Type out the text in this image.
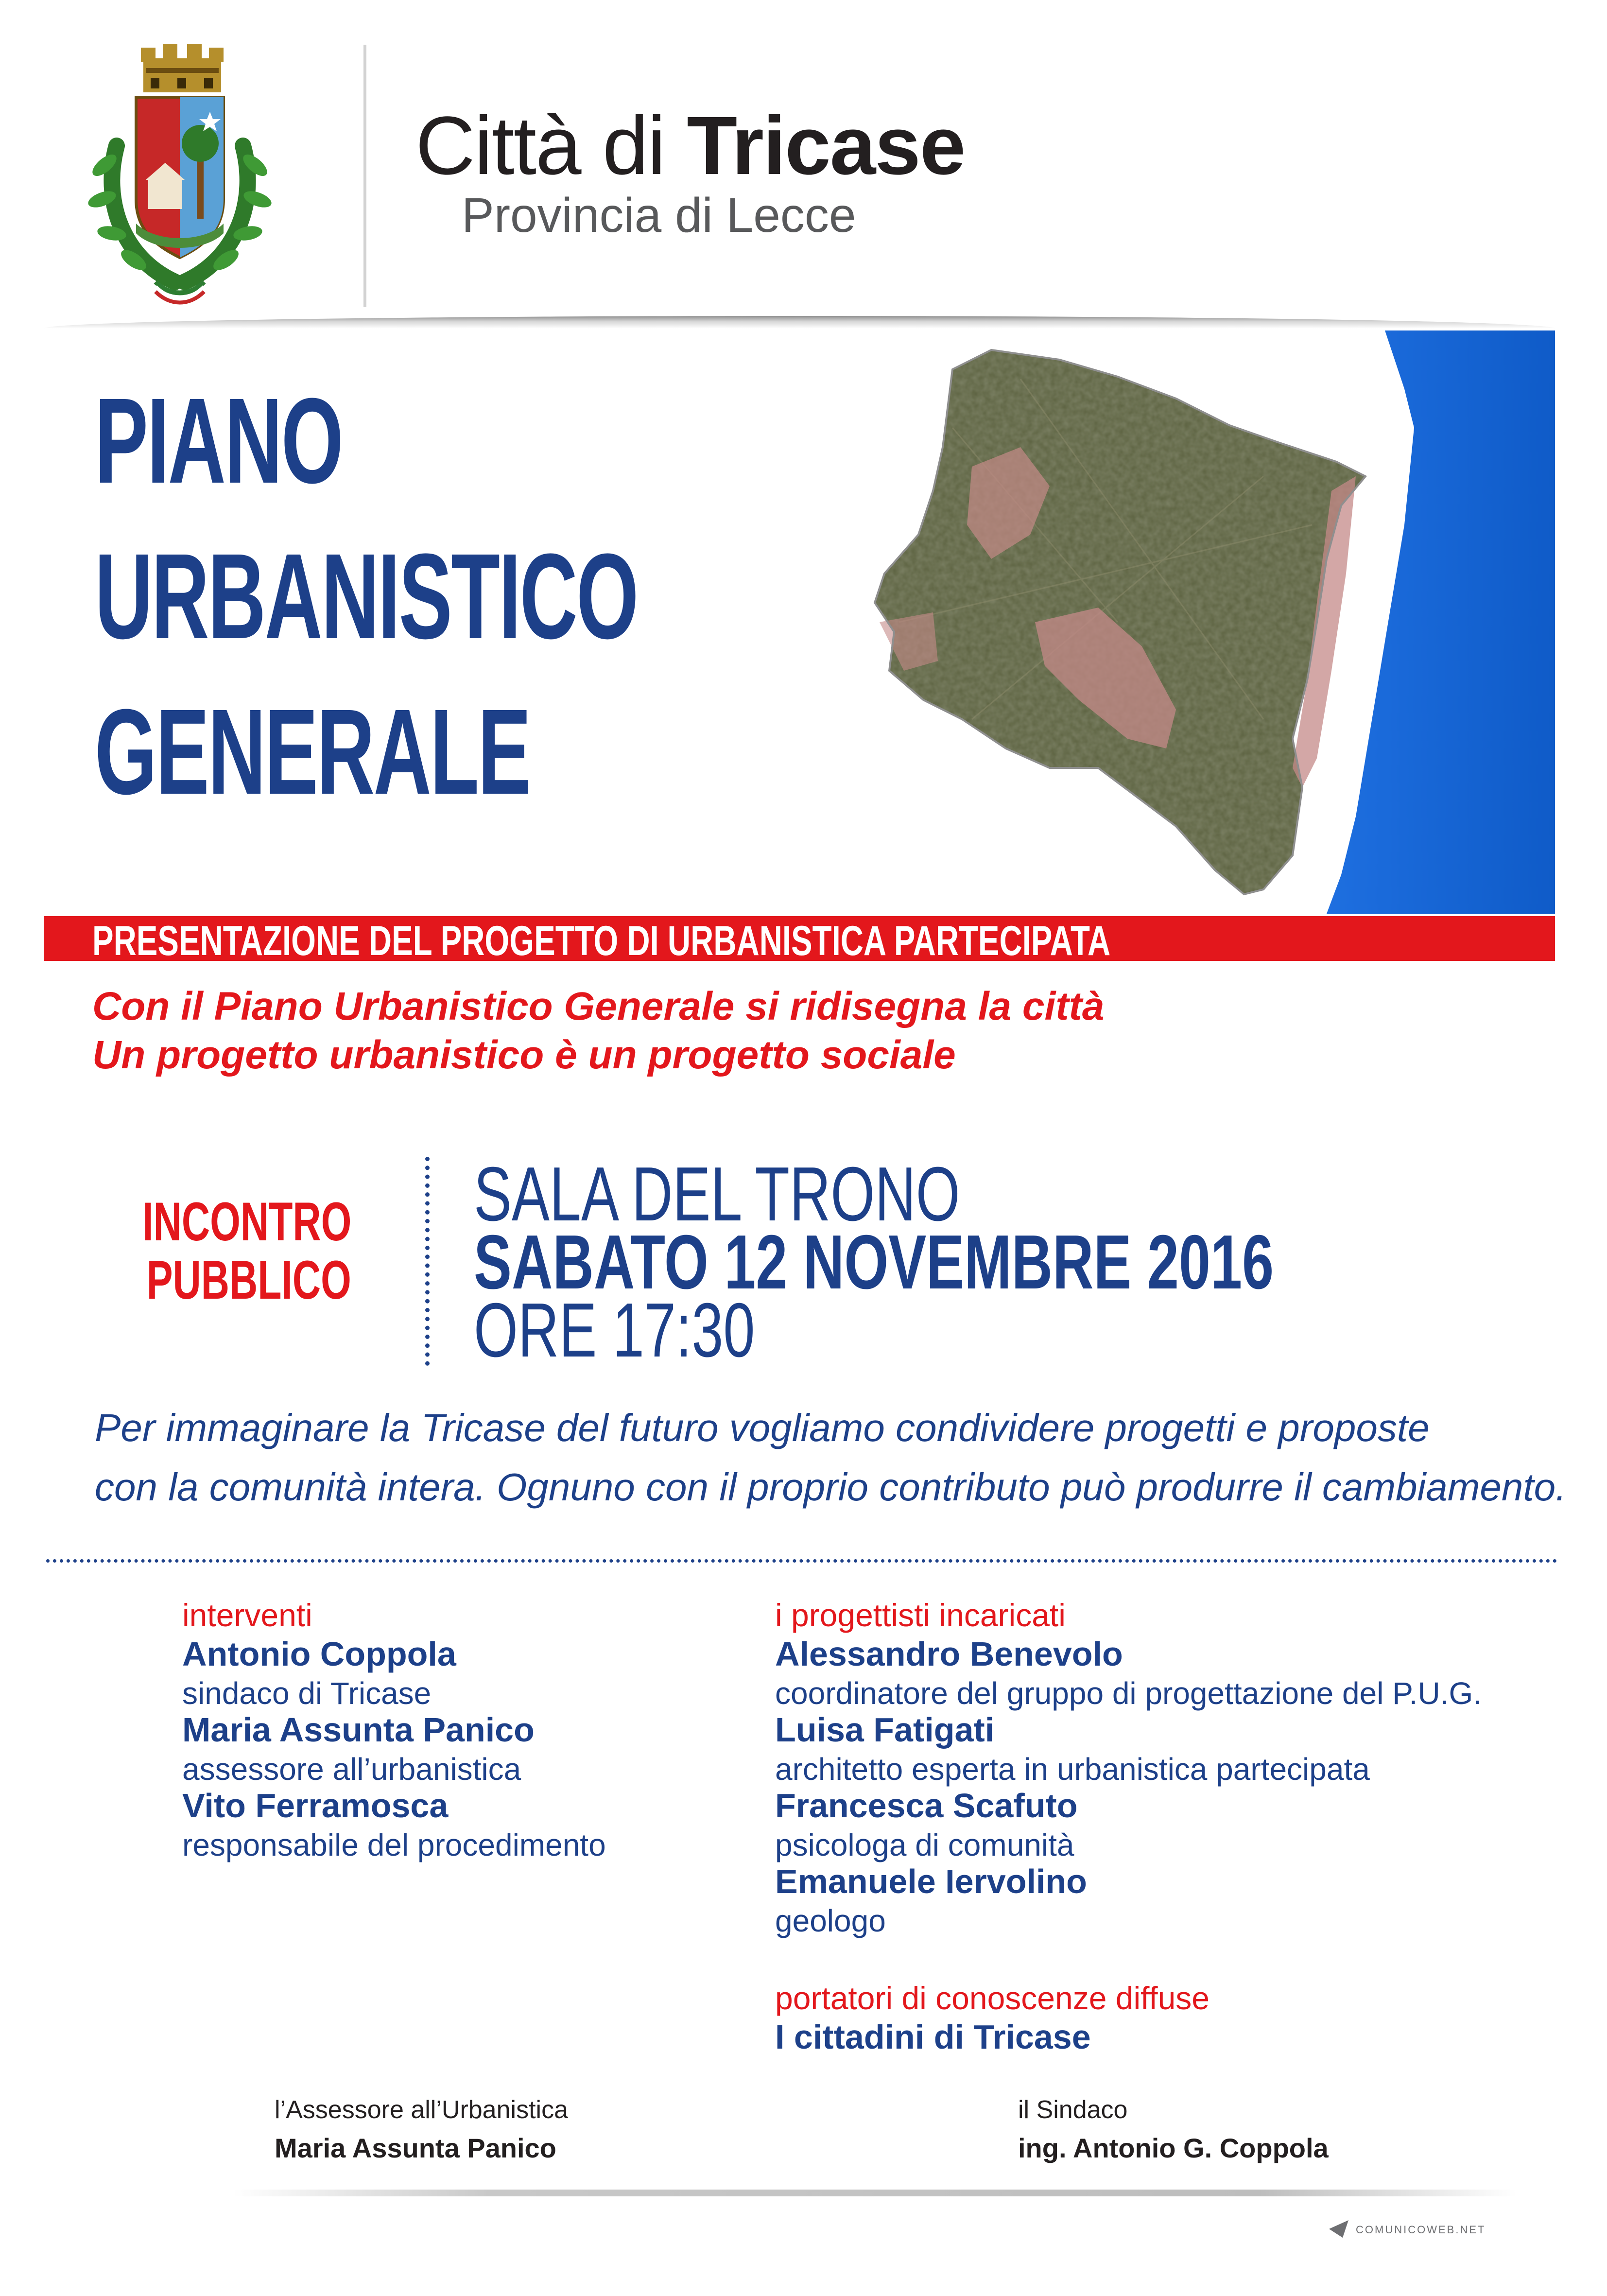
Città di Tricase
Provincia di Lecce
PIANO
URBANISTICO
GENERALE
PRESENTAZIONE DEL PROGETTO DI URBANISTICA PARTECIPATA
Con il Piano Urbanistico Generale si ridisegna la città
Un progetto urbanistico è un progetto sociale
INCONTRO
PUBBLICO
SALA DEL TRONO
SABATO 12 NOVEMBRE 2016
ORE 17:30
Per immaginare la Tricase del futuro vogliamo condividere progetti e proposte
con la comunità intera. Ognuno con il proprio contributo può produrre il cambiamento.
interventi
Antonio Coppola
sindaco di Tricase
Maria Assunta Panico
assessore all’urbanistica
Vito Ferramosca
responsabile del procedimento
i progettisti incaricati
Alessandro Benevolo
coordinatore del gruppo di progettazione del P.U.G.
Luisa Fatigati
architetto esperta in urbanistica partecipata
Francesca Scafuto
psicologa di comunità
Emanuele Iervolino
geologo
portatori di conoscenze diffuse
I cittadini di Tricase
l’Assessore all’Urbanistica
Maria Assunta Panico
il Sindaco
ing. Antonio G. Coppola
COMUNICOWEB.NET
